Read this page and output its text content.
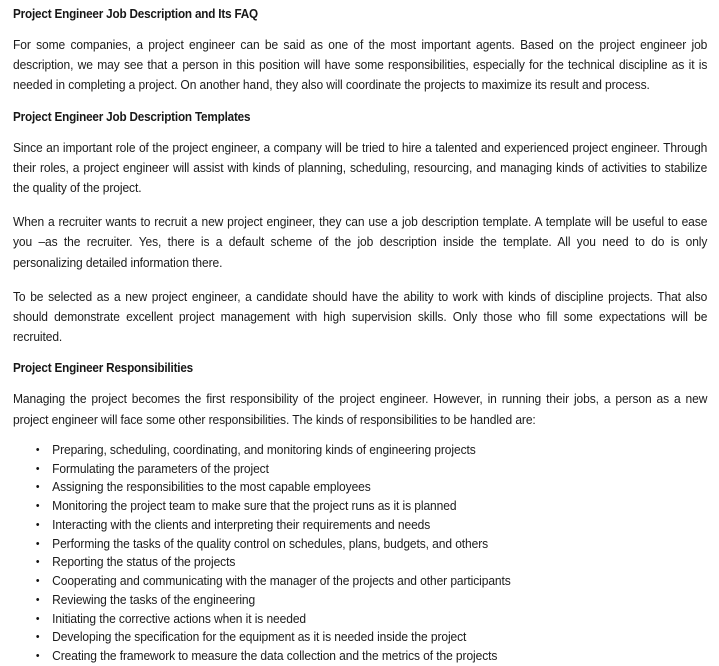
Project Engineer Job Description and Its FAQ

For some companies, a project engineer can be said as one of the most important agents. Based on the project engineer job description, we may see that a person in this position will have some responsibilities, especially for the technical discipline as it is needed in completing a project. On another hand, they also will coordinate the projects to maximize its result and process.

Project Engineer Job Description Templates

Since an important role of the project engineer, a company will be tried to hire a talented and experienced project engineer. Through their roles, a project engineer will assist with kinds of planning, scheduling, resourcing, and managing kinds of activities to stabilize the quality of the project.

When a recruiter wants to recruit a new project engineer, they can use a job description template. A template will be useful to ease you –as the recruiter. Yes, there is a default scheme of the job description inside the template. All you need to do is only personalizing detailed information there.

To be selected as a new project engineer, a candidate should have the ability to work with kinds of discipline projects. That also should demonstrate excellent project management with high supervision skills. Only those who fill some expectations will be recruited.

Project Engineer Responsibilities

Managing the project becomes the first responsibility of the project engineer. However, in running their jobs, a person as a new project engineer will face some other responsibilities. The kinds of responsibilities to be handled are:

•	Preparing, scheduling, coordinating, and monitoring kinds of engineering projects
•	Formulating the parameters of the project
•	Assigning the responsibilities to the most capable employees
•	Monitoring the project team to make sure that the project runs as it is planned
•	Interacting with the clients and interpreting their requirements and needs
•	Performing the tasks of the quality control on schedules, plans, budgets, and others
•	Reporting the status of the projects
•	Cooperating and communicating with the manager of the projects and other participants
•	Reviewing the tasks of the engineering
•	Initiating the corrective actions when it is needed
•	Developing the specification for the equipment as it is needed inside the project
•	Creating the framework to measure the data collection and the metrics of the projects
